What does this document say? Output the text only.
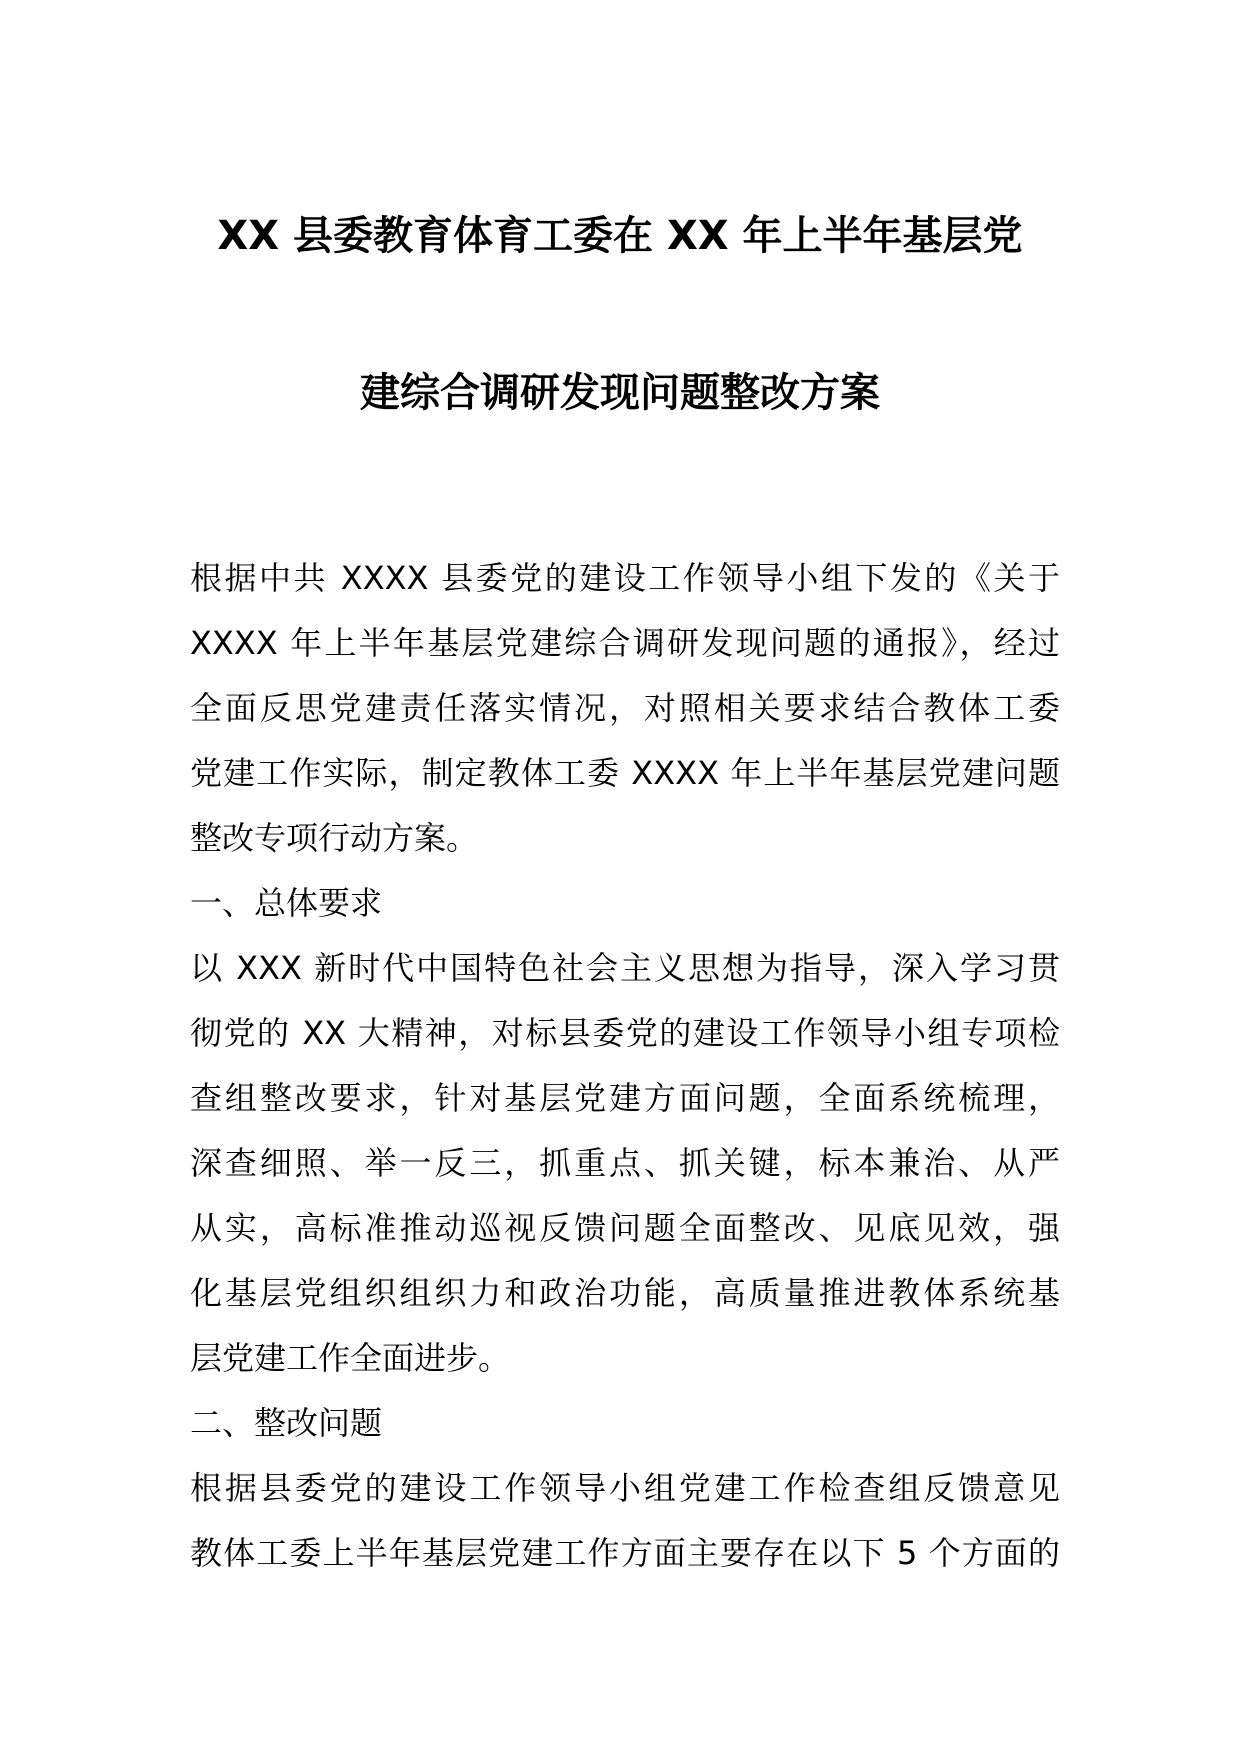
XX 县委教育体育工委在 XX 年上半年基层党
建综合调研发现问题整改方案
根据中共 XXXX 县委党的建设工作领导小组下发的《关于
XXXX 年上半年基层党建综合调研发现问题的通报》，经过
全面反思党建责任落实情况，对照相关要求结合教体工委
党建工作实际，制定教体工委 XXXX 年上半年基层党建问题
整改专项行动方案。
一、总体要求
以 XXX 新时代中国特色社会主义思想为指导，深入学习贯
彻党的 XX 大精神，对标县委党的建设工作领导小组专项检
查组整改要求，针对基层党建方面问题，全面系统梳理，
深查细照、举一反三，抓重点、抓关键，标本兼治、从严
从实，高标准推动巡视反馈问题全面整改、见底见效，强
化基层党组织组织力和政治功能，高质量推进教体系统基
层党建工作全面进步。
二、整改问题
根据县委党的建设工作领导小组党建工作检查组反馈意见
教体工委上半年基层党建工作方面主要存在以下 5 个方面的
